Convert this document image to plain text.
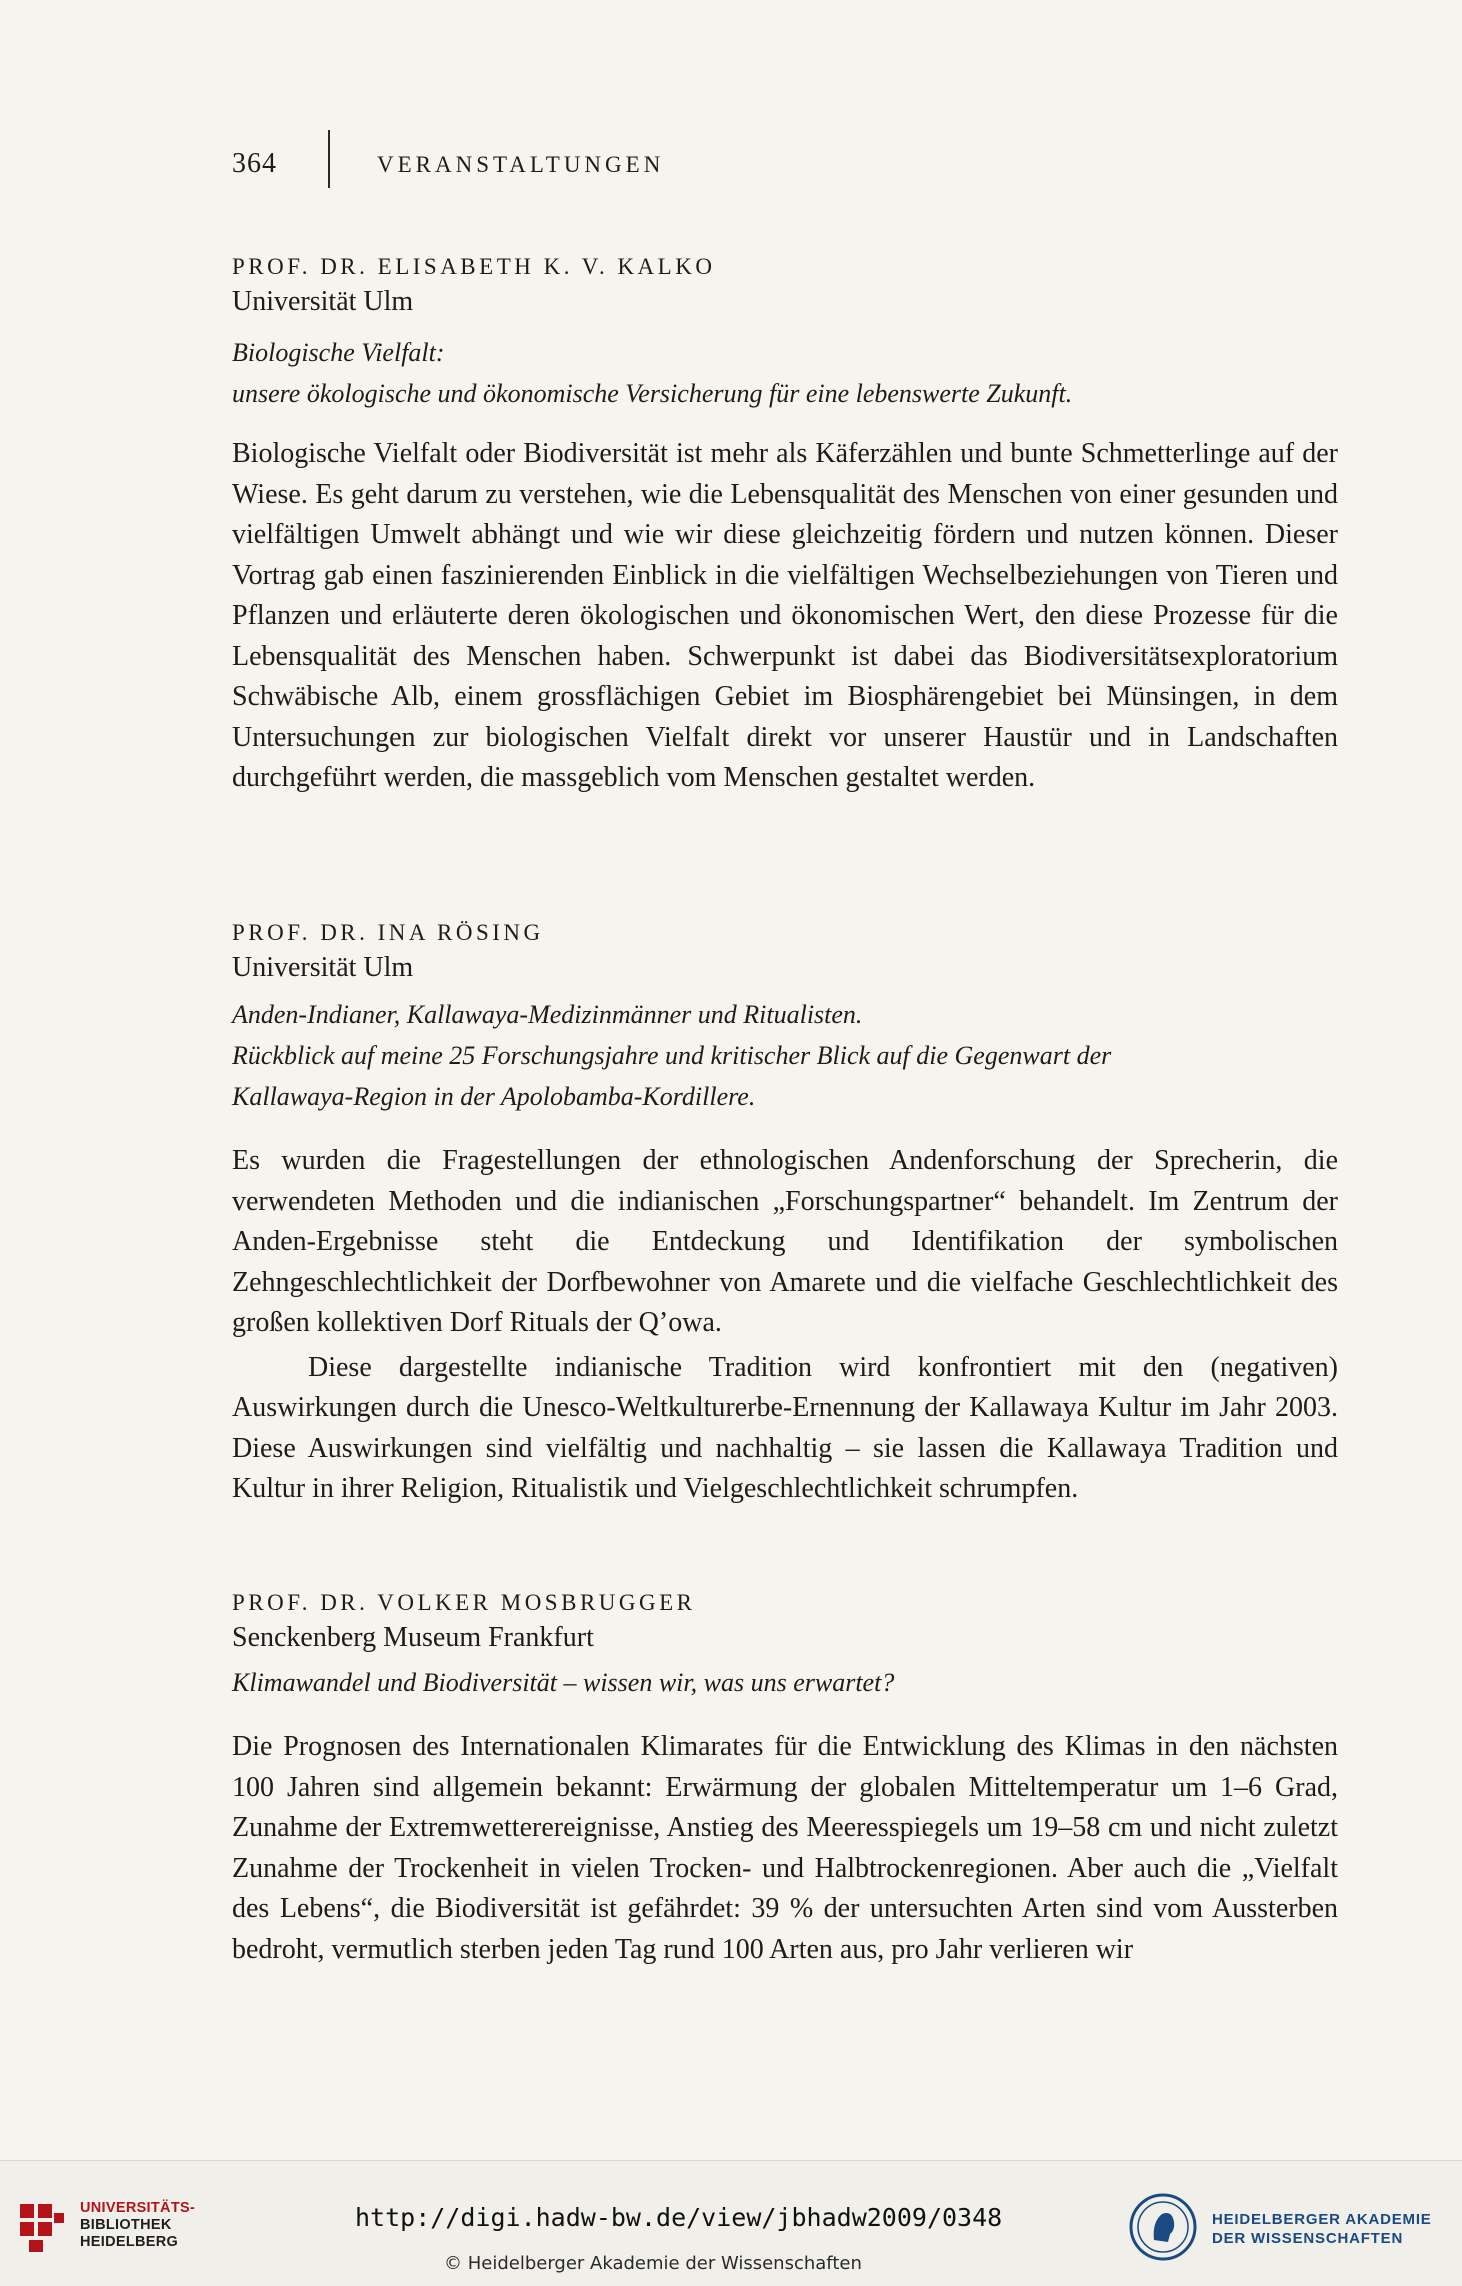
364	VERANSTALTUNGEN
PROF. DR. ELISABETH K. V. KALKO
Universität Ulm
Biologische Vielfalt:
unsere ökologische und ökonomische Versicherung für eine lebenswerte Zukunft.

Biologische Vielfalt oder Biodiversität ist mehr als Käferzählen und bunte Schmetterlinge auf der Wiese. Es geht darum zu verstehen, wie die Lebensqualität des Menschen von einer gesunden und vielfältigen Umwelt abhängt und wie wir diese gleichzeitig fördern und nutzen können. Dieser Vortrag gab einen faszinierenden Einblick in die vielfältigen Wechselbeziehungen von Tieren und Pflanzen und erläuterte deren ökologischen und ökonomischen Wert, den diese Prozesse für die Lebensqualität des Menschen haben. Schwerpunkt ist dabei das Biodiversitätsexploratorium Schwäbische Alb, einem grossflächigen Gebiet im Biosphärengebiet bei Münsingen, in dem Untersuchungen zur biologischen Vielfalt direkt vor unserer Haustür und in Landschaften durchgeführt werden, die massgeblich vom Menschen gestaltet werden.

PROF. DR. INA RÖSING
Universität Ulm
Anden-Indianer, Kallawaya-Medizinmänner und Ritualisten.
Rückblick auf meine 25 Forschungsjahre und kritischer Blick auf die Gegenwart der
Kallawaya-Region in der Apolobamba-Kordillere.

Es wurden die Fragestellungen der ethnologischen Andenforschung der Sprecherin, die verwendeten Methoden und die indianischen „Forschungspartner“ behandelt. Im Zentrum der Anden-Ergebnisse steht die Entdeckung und Identifikation der symbolischen Zehngeschlechtlichkeit der Dorfbewohner von Amarete und die vielfache Geschlechtlichkeit des großen kollektiven Dorf Rituals der Q’owa.

Diese dargestellte indianische Tradition wird konfrontiert mit den (negativen) Auswirkungen durch die Unesco-Weltkulturerbe-Ernennung der Kallawaya Kultur im Jahr 2003. Diese Auswirkungen sind vielfältig und nachhaltig – sie lassen die Kallawaya Tradition und Kultur in ihrer Religion, Ritualistik und Vielgeschlechtlichkeit schrumpfen.

PROF. DR. VOLKER MOSBRUGGER
Senckenberg Museum Frankfurt
Klimawandel und Biodiversität – wissen wir, was uns erwartet?

Die Prognosen des Internationalen Klimarates für die Entwicklung des Klimas in den nächsten 100 Jahren sind allgemein bekannt: Erwärmung der globalen Mitteltemperatur um 1–6 Grad, Zunahme der Extremwetterereignisse, Anstieg des Meeresspiegels um 19–58 cm und nicht zuletzt Zunahme der Trockenheit in vielen Trocken- und Halbtrockenregionen. Aber auch die „Vielfalt des Lebens“, die Biodiversität ist gefährdet: 39 % der untersuchten Arten sind vom Aussterben bedroht, vermutlich sterben jeden Tag rund 100 Arten aus, pro Jahr verlieren wir

UNIVERSITÄTS-
BIBLIOTHEK
HEIDELBERG
http://digi.hadw-bw.de/view/jbhadw2009/0348
© Heidelberger Akademie der Wissenschaften
HEIDELBERGER AKADEMIE
DER WISSENSCHAFTEN
